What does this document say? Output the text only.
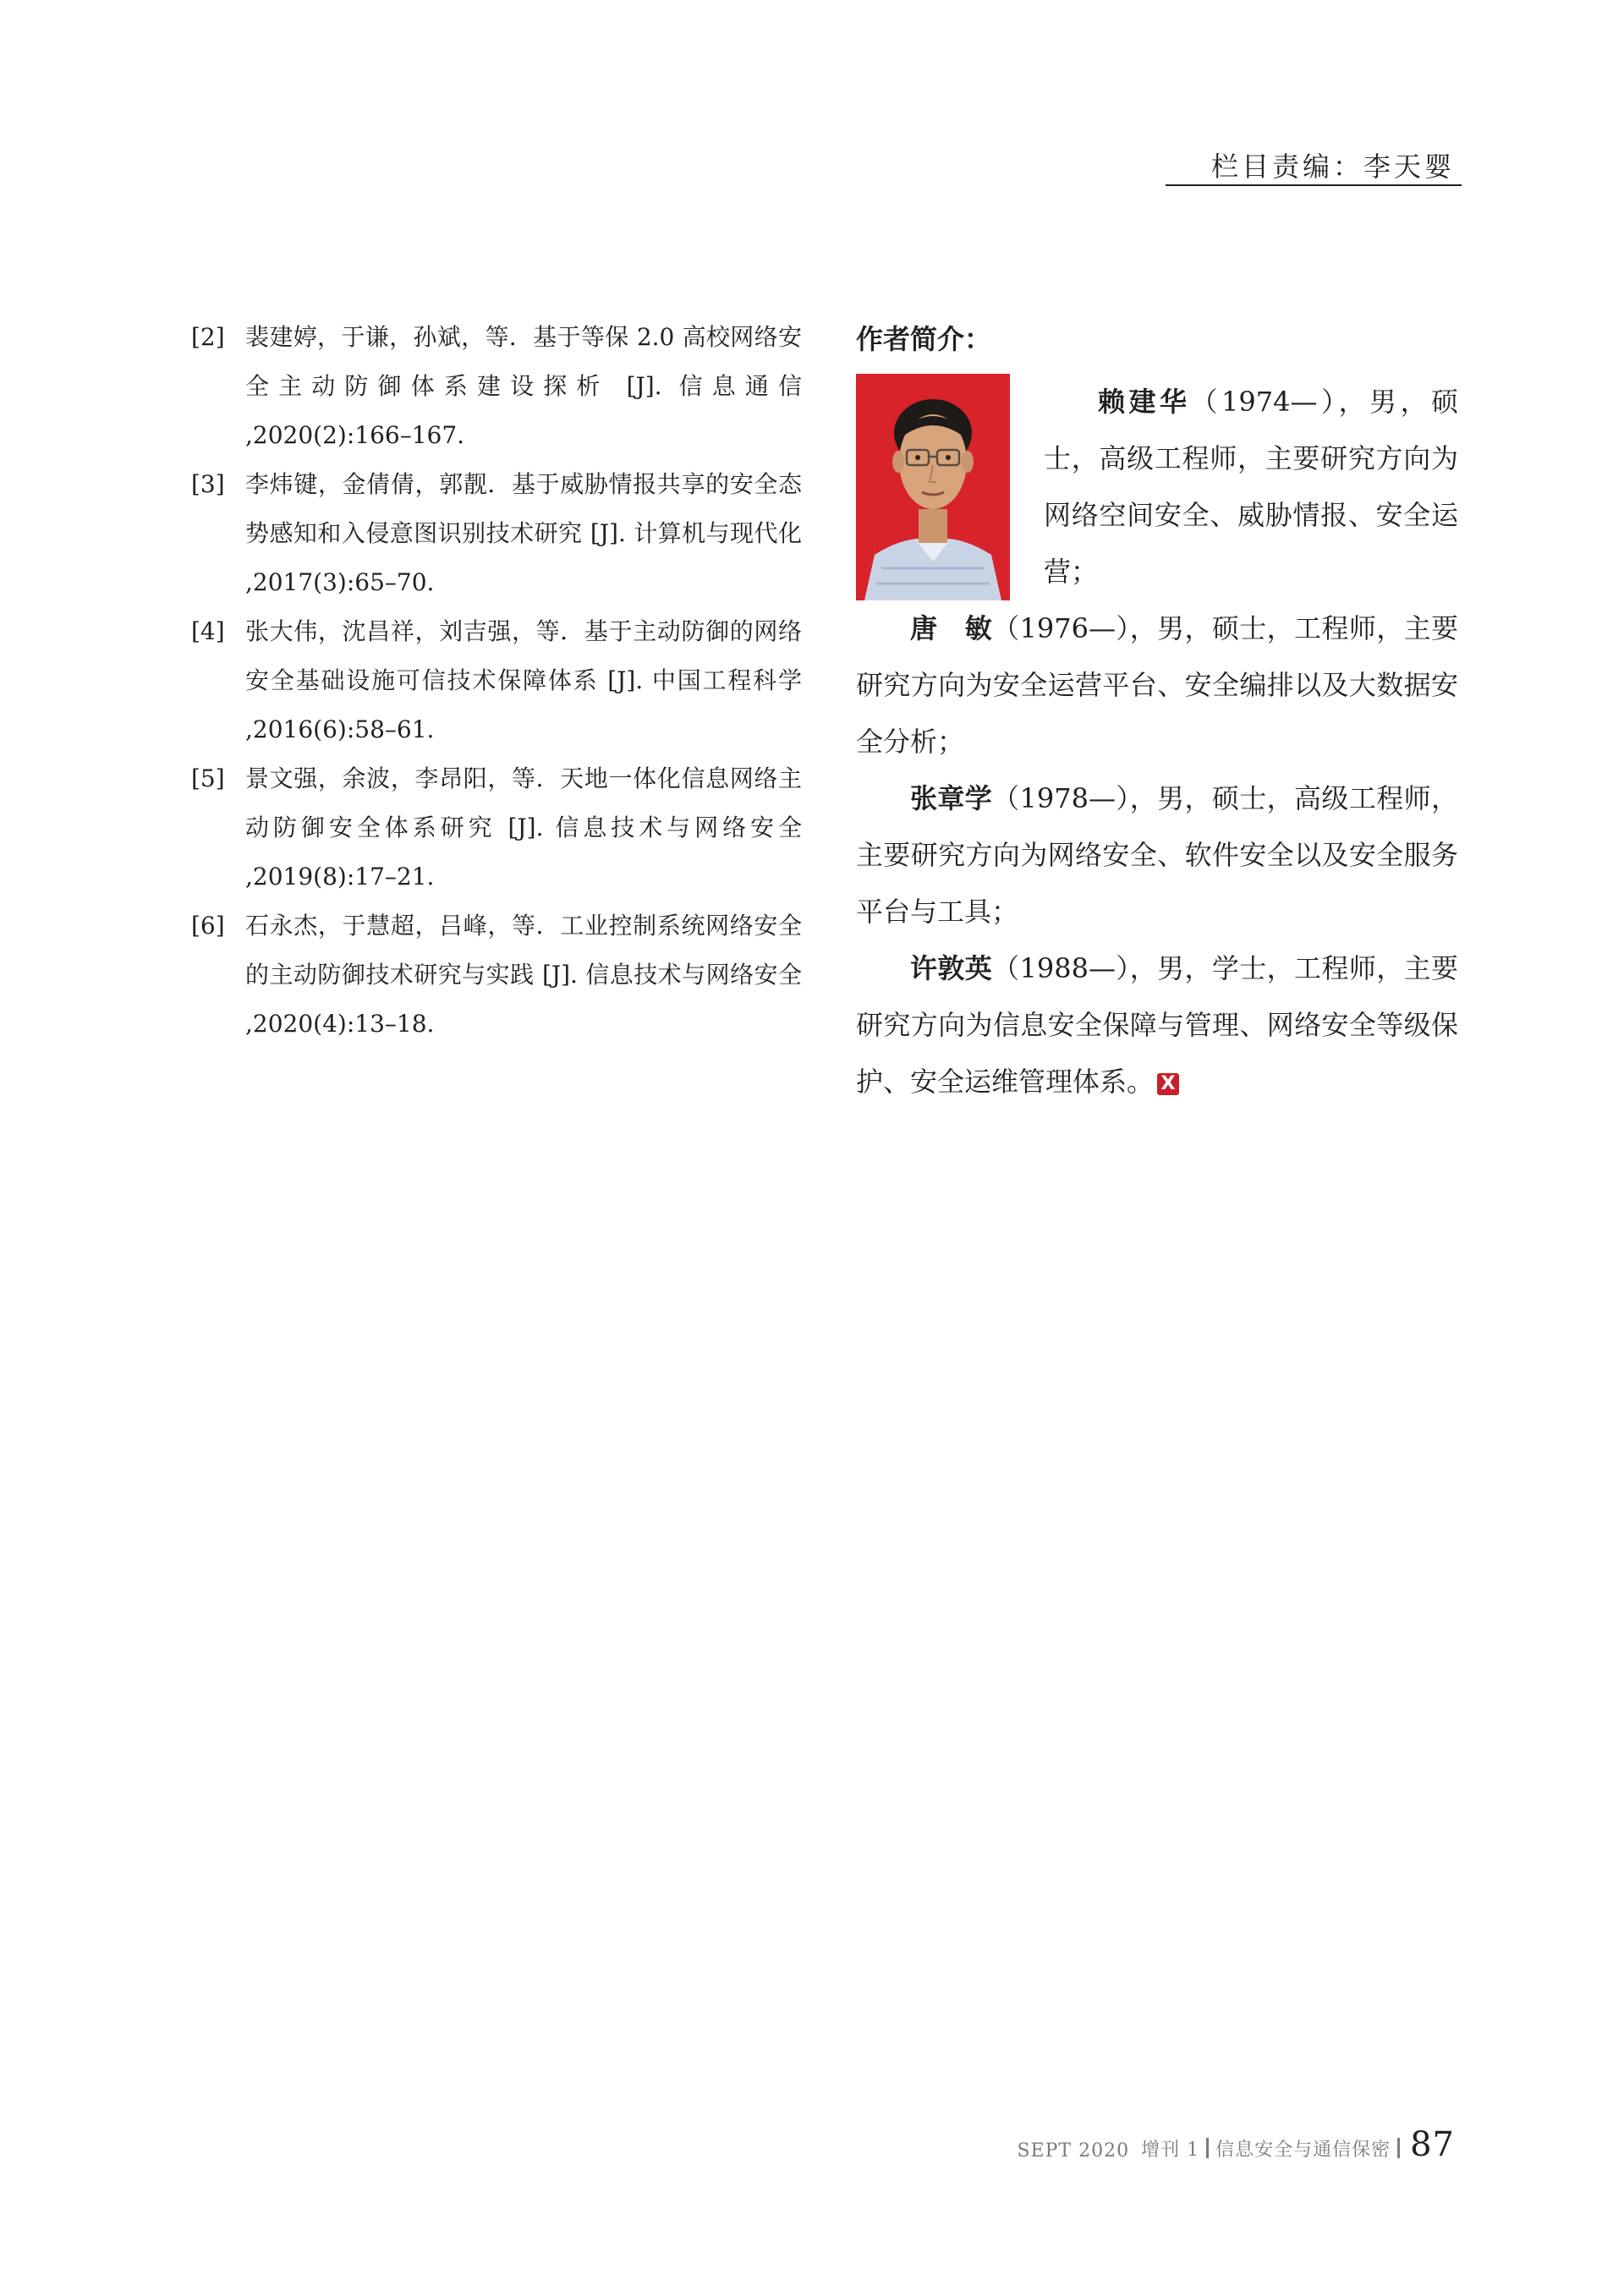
栏目责编：李天婴
[2] 裴建婷，于谦，孙斌，等．基于等保 2.0 高校网络安全主动防御体系建设探析 [J]. 信息通信 ,2020(2):166–167.
[3] 李炜键，金倩倩，郭靓．基于威胁情报共享的安全态势感知和入侵意图识别技术研究 [J]. 计算机与现代化 ,2017(3):65–70.
[4] 张大伟，沈昌祥，刘吉强，等．基于主动防御的网络安全基础设施可信技术保障体系 [J]. 中国工程科学 ,2016(6):58–61.
[5] 景文强，余波，李昂阳，等．天地一体化信息网络主动防御安全体系研究 [J]. 信息技术与网络安全 ,2019(8):17–21.
[6] 石永杰，于慧超，吕峰，等．工业控制系统网络安全的主动防御技术研究与实践 [J]. 信息技术与网络安全 ,2020(4):13–18.
作者简介：

赖建华（1974—），男，硕士，高级工程师，主要研究方向为网络空间安全、威胁情报、安全运营；

唐　敏（1976—），男，硕士，工程师，主要研究方向为安全运营平台、安全编排以及大数据安全分析；

张章学（1978—），男，硕士，高级工程师，主要研究方向为网络安全、软件安全以及安全服务平台与工具；

许敦英（1988—），男，学士，工程师，主要研究方向为信息安全保障与管理、网络安全等级保护、安全运维管理体系。 X

SEPT 2020 增刊 1 信息安全与通信保密 87
